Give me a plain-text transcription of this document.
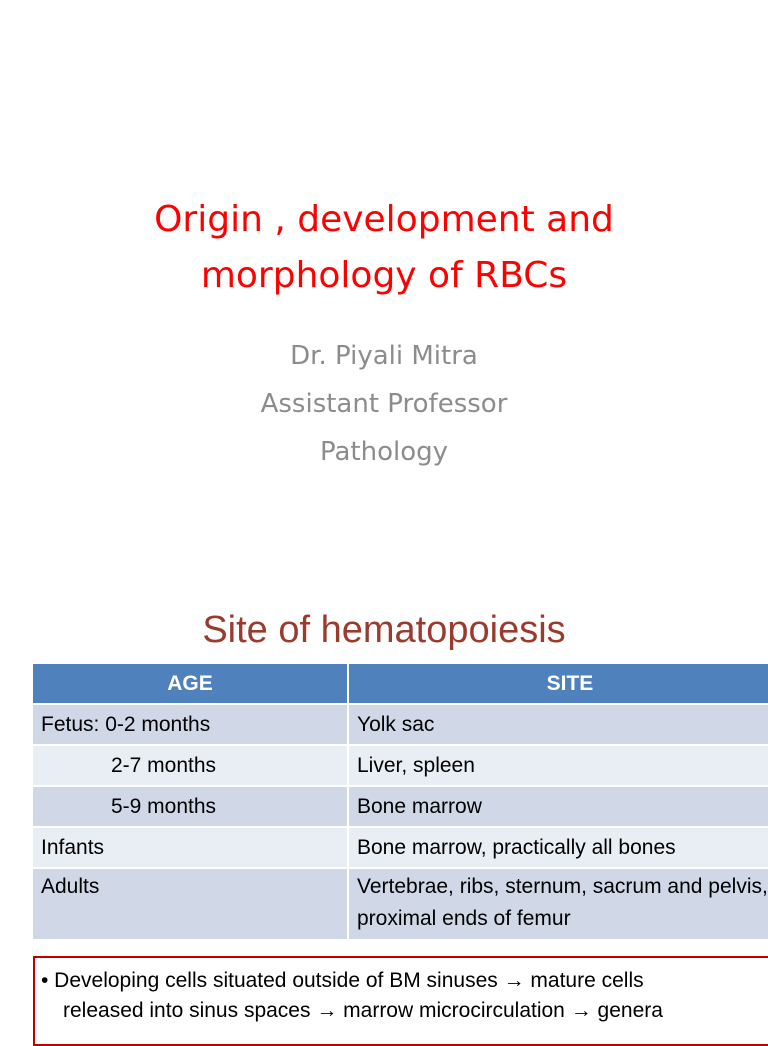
Origin , development and
morphology of RBCs
Dr. Piyali Mitra
Assistant Professor
Pathology
Site of hematopoiesis
AGE	SITE
Fetus: 0-2 months	Yolk sac
2-7 months	Liver, spleen
5-9 months	Bone marrow
Infants	Bone marrow, practically all bones
Adults	Vertebrae, ribs, sternum, sacrum and pelvis, proximal ends of femur
• Developing cells situated outside of BM sinuses → mature cells
released into sinus spaces → marrow microcirculation → genera
